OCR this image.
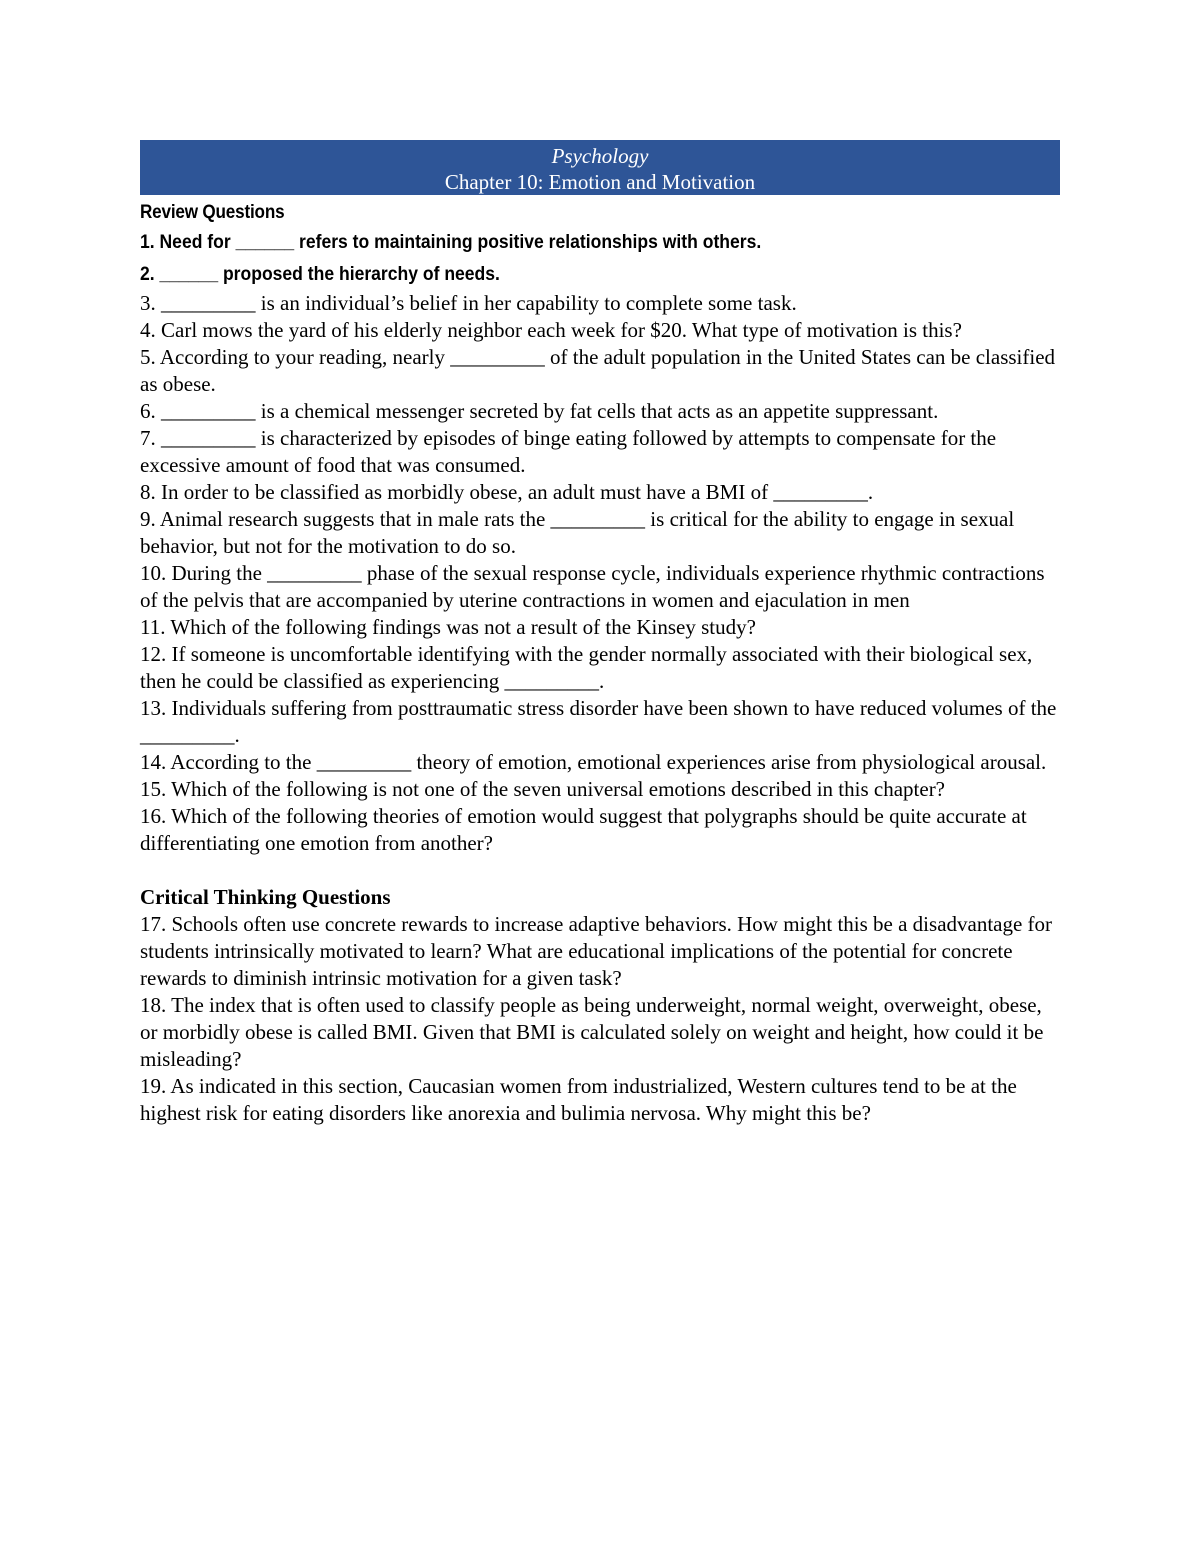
Psychology
Chapter 10: Emotion and Motivation
Review Questions
1. Need for ______ refers to maintaining positive relationships with others.
2. ______ proposed the hierarchy of needs.

3. _________ is an individual’s belief in her capability to complete some task.

4. Carl mows the yard of his elderly neighbor each week for $20. What type of motivation is this?

5. According to your reading, nearly _________ of the adult population in the United States can be classified as obese.

6. _________ is a chemical messenger secreted by fat cells that acts as an appetite suppressant.

7. _________ is characterized by episodes of binge eating followed by attempts to compensate for the excessive amount of food that was consumed.

8. In order to be classified as morbidly obese, an adult must have a BMI of _________.

9. Animal research suggests that in male rats the _________ is critical for the ability to engage in sexual behavior, but not for the motivation to do so.

10. During the _________ phase of the sexual response cycle, individuals experience rhythmic contractions of the pelvis that are accompanied by uterine contractions in women and ejaculation in men

11. Which of the following findings was not a result of the Kinsey study?

12. If someone is uncomfortable identifying with the gender normally associated with their biological sex, then he could be classified as experiencing _________.

13. Individuals suffering from posttraumatic stress disorder have been shown to have reduced volumes of the _________.

14. According to the _________ theory of emotion, emotional experiences arise from physiological arousal.

15. Which of the following is not one of the seven universal emotions described in this chapter?

16. Which of the following theories of emotion would suggest that polygraphs should be quite accurate at differentiating one emotion from another?

Critical Thinking Questions

17. Schools often use concrete rewards to increase adaptive behaviors. How might this be a disadvantage for students intrinsically motivated to learn? What are educational implications of the potential for concrete rewards to diminish intrinsic motivation for a given task?

18. The index that is often used to classify people as being underweight, normal weight, overweight, obese, or morbidly obese is called BMI. Given that BMI is calculated solely on weight and height, how could it be misleading?

19. As indicated in this section, Caucasian women from industrialized, Western cultures tend to be at the highest risk for eating disorders like anorexia and bulimia nervosa. Why might this be?
